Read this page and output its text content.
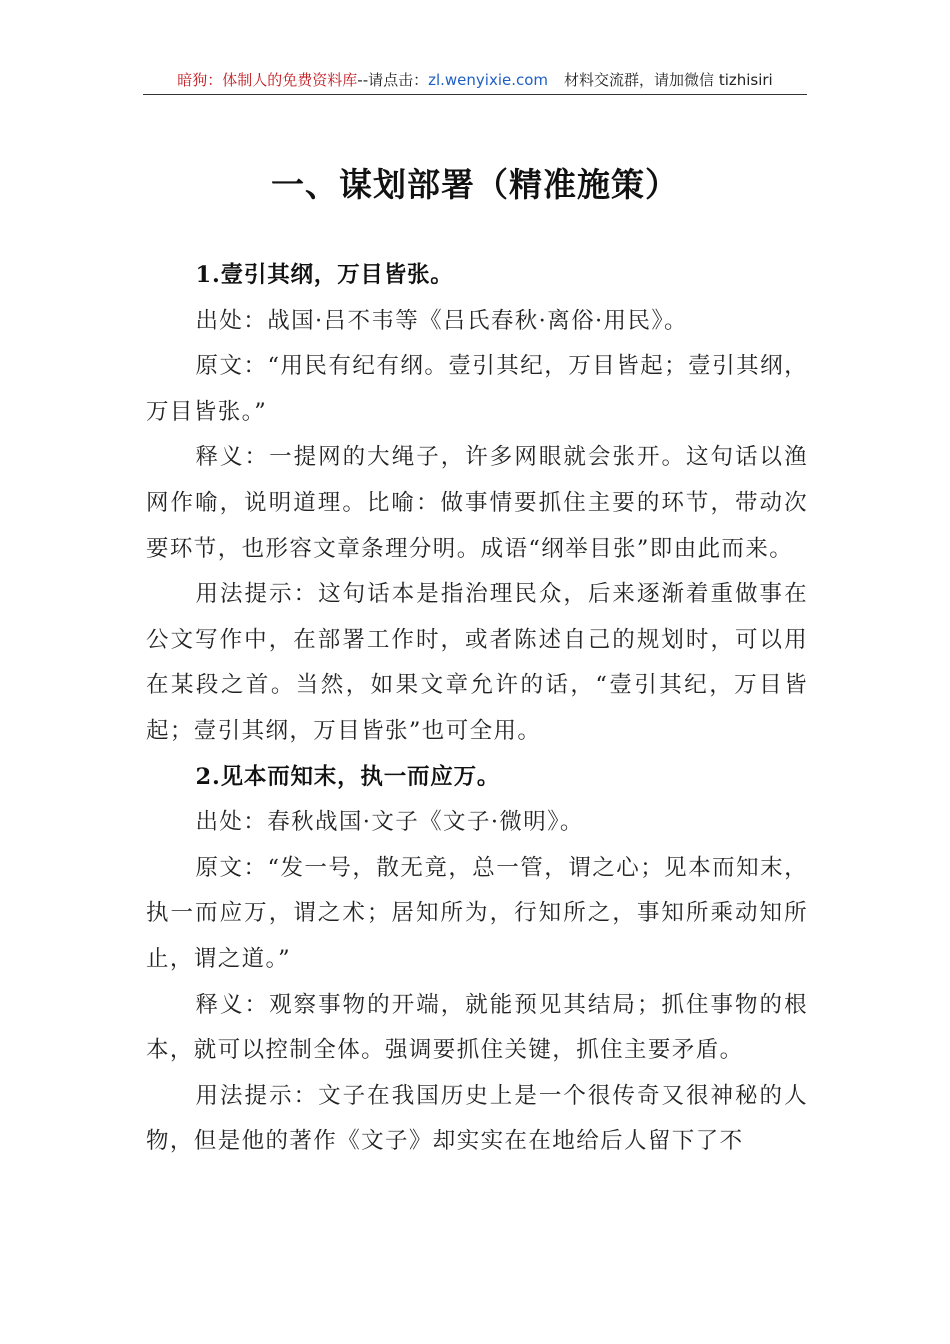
暗狗：体制人的免费资料库--请点击：zl.wenyixie.com 材料交流群，请加微信 tizhisiri
一、谋划部署（精准施策）

1.壹引其纲，万目皆张。

出处：战国·吕不韦等《吕氏春秋·离俗·用民》。

原文：“用民有纪有纲。壹引其纪，万目皆起；壹引其纲，万目皆张。”

释义：一提网的大绳子，许多网眼就会张开。这句话以渔网作喻，说明道理。比喻：做事情要抓住主要的环节，带动次要环节，也形容文章条理分明。成语“纲举目张”即由此而来。

用法提示：这句话本是指治理民众，后来逐渐着重做事在公文写作中，在部署工作时，或者陈述自己的规划时，可以用在某段之首。当然，如果文章允许的话，“壹引其纪，万目皆起；壹引其纲，万目皆张”也可全用。

2.见本而知末，执一而应万。

出处：春秋战国·文子《文子·微明》。

原文：“发一号，散无竟，总一管，谓之心；见本而知末，执一而应万，谓之术；居知所为，行知所之，事知所乘动知所止，谓之道。”

释义：观察事物的开端，就能预见其结局；抓住事物的根本，就可以控制全体。强调要抓住关键，抓住主要矛盾。

用法提示：文子在我国历史上是一个很传奇又很神秘的人物，但是他的著作《文子》却实实在在地给后人留下了不
